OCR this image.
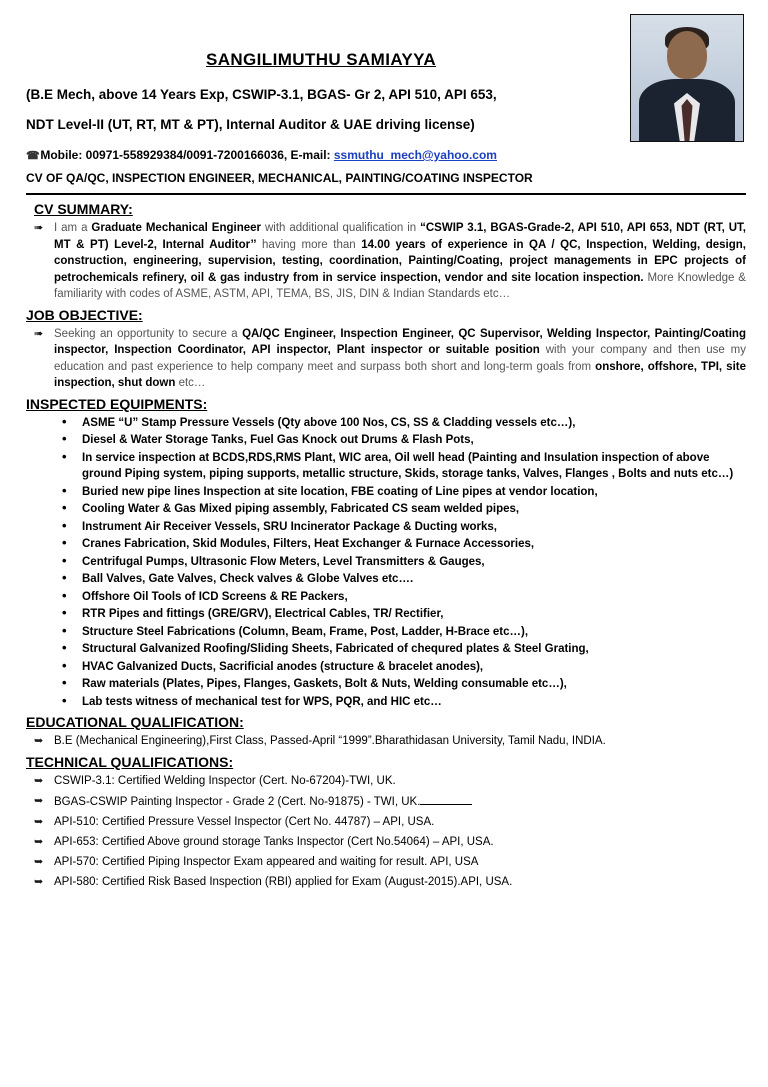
SANGILIMUTHU SAMIAYYA
(B.E Mech, above 14 Years Exp, CSWIP-3.1, BGAS- Gr 2, API 510, API 653,
NDT Level-II (UT, RT, MT & PT), Internal Auditor & UAE driving license)
☎ Mobile: 00971-558929384/0091-7200166036, E-mail: ssmuthu_mech@yahoo.com
CV OF QA/QC, INSPECTION ENGINEER, MECHANICAL, PAINTING/COATING INSPECTOR
CV SUMMARY:
➠ I am a Graduate Mechanical Engineer with additional qualification in “CSWIP 3.1, BGAS-Grade-2, API 510, API 653, NDT (RT, UT, MT & PT) Level-2, Internal Auditor’’ having more than 14.00 years of experience in QA / QC, Inspection, Welding, design, construction, engineering, supervision, testing, coordination, Painting/Coating, project managements in EPC projects of petrochemicals refinery, oil & gas industry from in service inspection, vendor and site location inspection. More Knowledge & familiarity with codes of ASME, ASTM, API, TEMA, BS, JIS, DIN & Indian Standards etc…
JOB OBJECTIVE:
➠ Seeking an opportunity to secure a QA/QC Engineer, Inspection Engineer, QC Supervisor, Welding Inspector, Painting/Coating inspector, Inspection Coordinator, API inspector, Plant inspector or suitable position with your company and then use my education and past experience to help company meet and surpass both short and long-term goals from onshore, offshore, TPI, site inspection, shut down etc…
INSPECTED EQUIPMENTS:
• ASME “U” Stamp Pressure Vessels (Qty above 100 Nos, CS, SS & Cladding vessels etc…),
• Diesel & Water Storage Tanks, Fuel Gas Knock out Drums & Flash Pots,
• In service inspection at BCDS,RDS,RMS Plant, WIC area, Oil well head (Painting and Insulation inspection of above ground Piping system, piping supports, metallic structure, Skids, storage tanks, Valves, Flanges , Bolts and nuts etc…)
• Buried new pipe lines Inspection at site location, FBE coating of Line pipes at vendor location,
• Cooling Water & Gas Mixed piping assembly, Fabricated CS seam welded pipes,
• Instrument Air Receiver Vessels, SRU Incinerator Package & Ducting works,
• Cranes Fabrication, Skid Modules, Filters, Heat Exchanger & Furnace Accessories,
• Centrifugal Pumps, Ultrasonic Flow Meters, Level Transmitters & Gauges,
• Ball Valves, Gate Valves, Check valves & Globe Valves etc….
• Offshore Oil Tools of ICD Screens & RE Packers,
• RTR Pipes and fittings (GRE/GRV), Electrical Cables, TR/ Rectifier,
• Structure Steel Fabrications (Column, Beam, Frame, Post, Ladder, H-Brace etc…),
• Structural Galvanized Roofing/Sliding Sheets, Fabricated of chequred plates & Steel Grating,
• HVAC Galvanized Ducts, Sacrificial anodes (structure & bracelet anodes),
• Raw materials (Plates, Pipes, Flanges, Gaskets, Bolt & Nuts, Welding consumable etc…),
• Lab tests witness of mechanical test for WPS, PQR, and HIC etc…
EDUCATIONAL QUALIFICATION:
➥ B.E (Mechanical Engineering),First Class, Passed-April “1999”.Bharathidasan University, Tamil Nadu, INDIA.
TECHNICAL QUALIFICATIONS:
➥ CSWIP-3.1: Certified Welding Inspector (Cert. No-67204)-TWI, UK.
➥ BGAS-CSWIP Painting Inspector - Grade 2 (Cert. No-91875) - TWI, UK.
➥ API-510: Certified Pressure Vessel Inspector (Cert No. 44787) – API, USA.
➥ API-653: Certified Above ground storage Tanks Inspector (Cert No.54064) – API, USA.
➥ API-570: Certified Piping Inspector Exam appeared and waiting for result. API, USA
➥ API-580: Certified Risk Based Inspection (RBI) applied for Exam (August-2015).API, USA.
